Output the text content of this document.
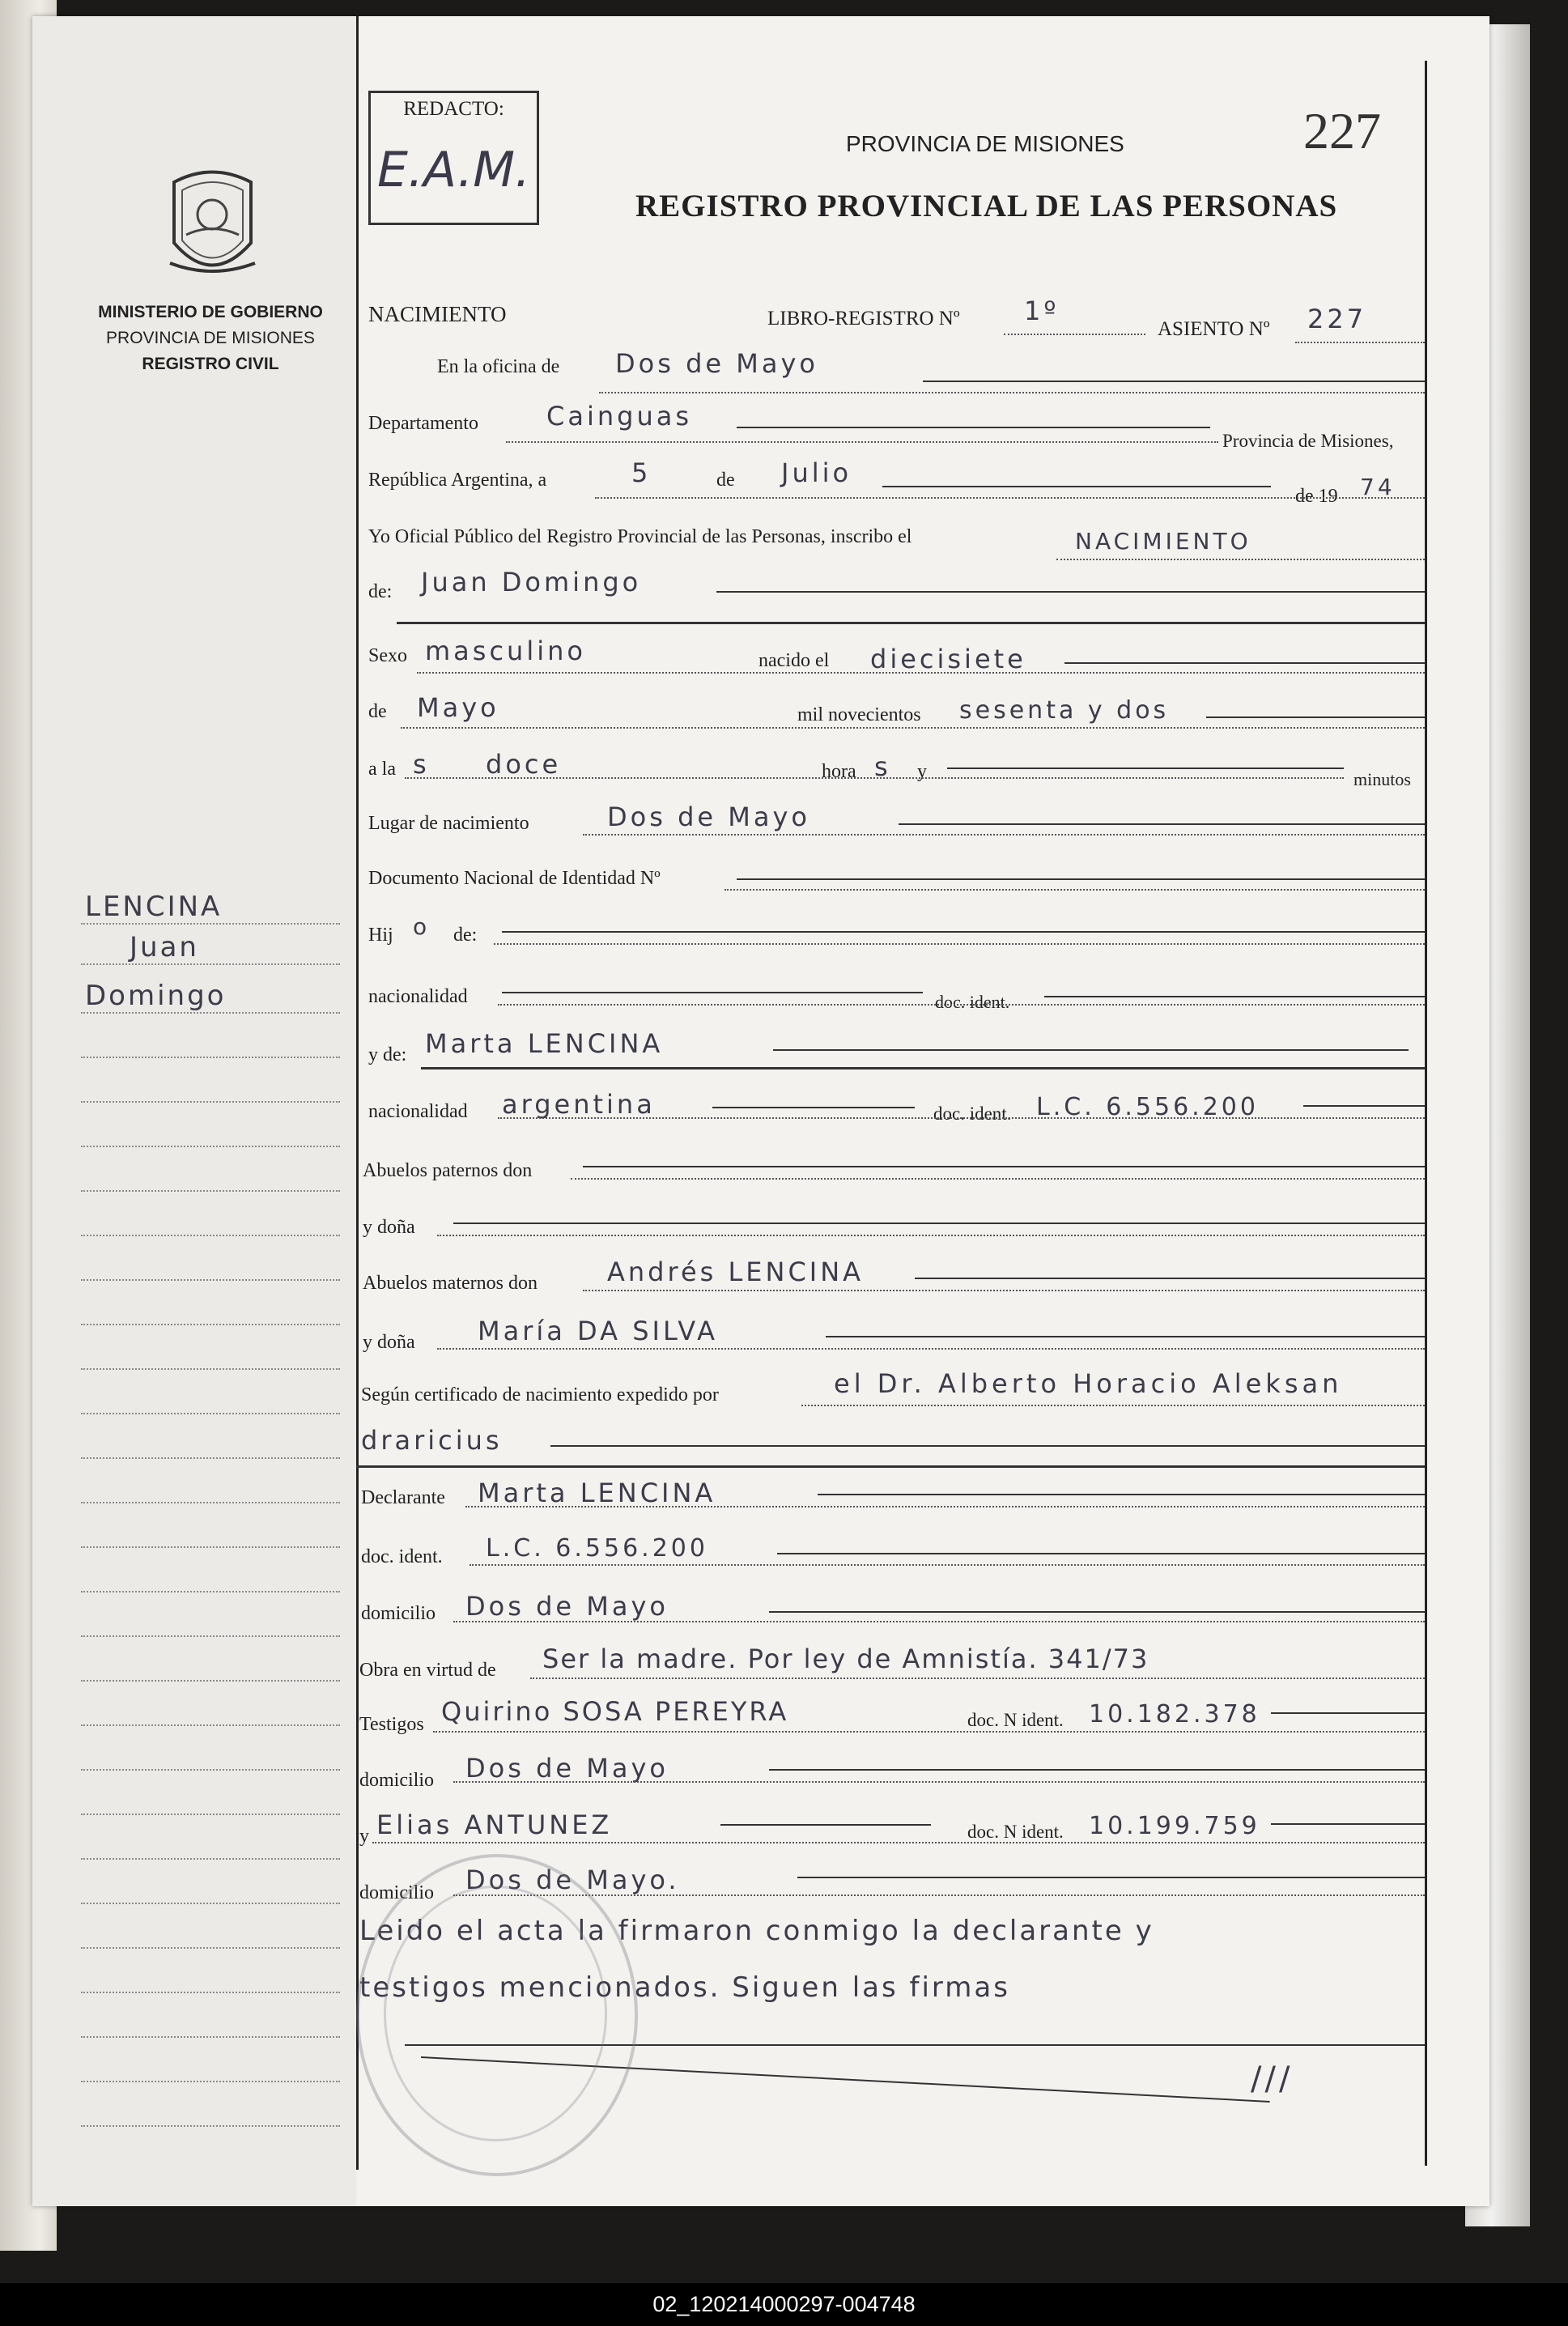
MINISTERIO DE GOBIERNO
PROVINCIA DE MISIONES
REGISTRO CIVIL
REDACTO:
E.A.M.	PROVINCIA DE MISIONES	227
REGISTRO PROVINCIAL DE LAS PERSONAS
LENCINA
Juan
Domingo
NACIMIENTO	LIBRO-REGISTRO Nº 1º
ASIENTO Nº 227
En la oficina de Dos de Mayo
Departamento	Cainguas
Provincia de Misiones,
República Argentina, a	5	de Julio
de 19 74
Yo Oficial Público del Registro Provincial de las Personas, inscribo el	NACIMIENTO
de: Juan Domingo
Sexo masculino	nacido el diecisiete
de Mayo	mil novecientos sesenta y dos
a la s doce	hora s y	minutos
Lugar de nacimiento	Dos de Mayo
Documento Nacional de Identidad Nº
Hij o de:
nacionalidad	doc. ident.
y de: Marta LENCINA
nacionalidad argentina	doc. ident. L.C. 6.556.200
Abuelos paternos don
y doña
Abuelos maternos don	Andrés LENCINA
y doña María DA SILVA
Según certificado de nacimiento expedido por	el Dr. Alberto Horacio Aleksan
draricius
Declarante Marta LENCINA
doc. ident. L.C. 6.556.200
domicilio Dos de Mayo
Obra en virtud de Ser la madre. Por ley de Amnistía. 341/73
Testigos Quirino SOSA PEREYRA	doc. N ident. 10.182.378
domicilio Dos de Mayo
y Elias ANTUNEZ	doc. N ident. 10.199.759
domicilio Dos de Mayo.
Leido el acta la firmaron conmigo la declarante y
testigos mencionados. Siguen las firmas
///
02_120214000297-004748
